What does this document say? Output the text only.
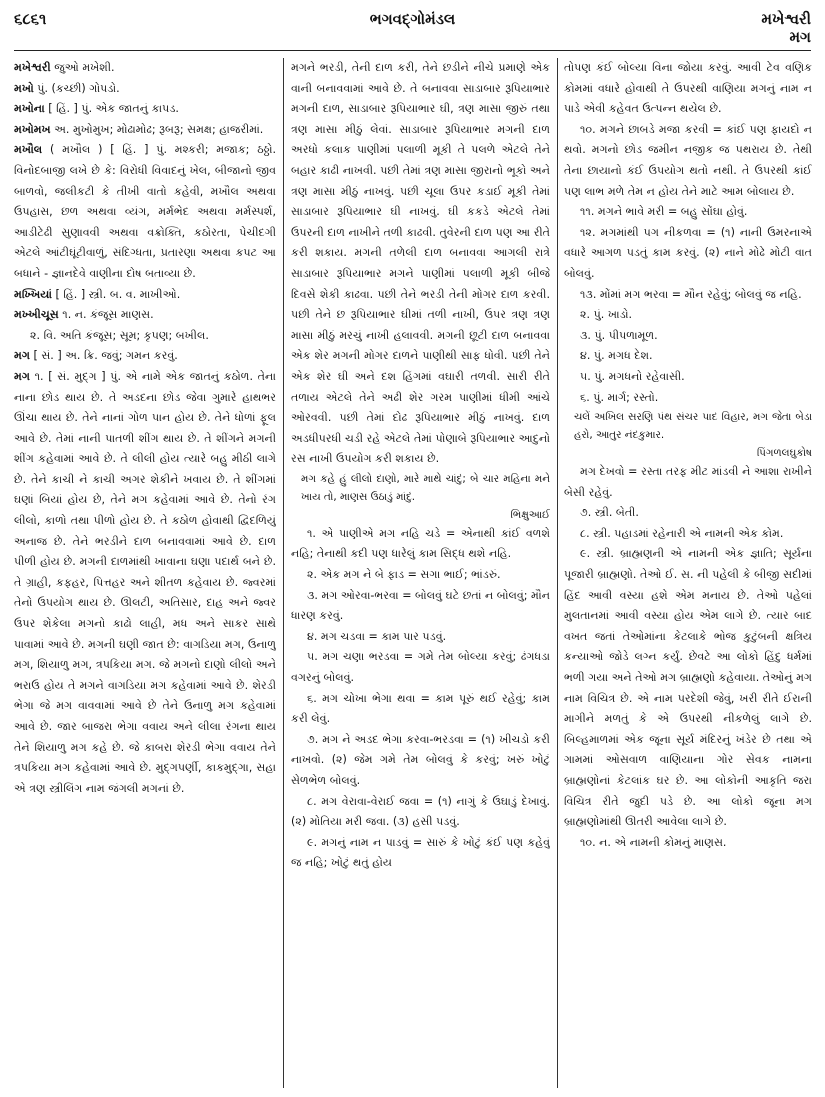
૬૮૬૧	ભગવદ્ગોમંડલ	મખેશ્વરી
મગ

મખેશ્વરી જુઓ મખેશી.

મખો પું. (કચ્છી) ગોપડો.

મખોના [ હિં. ] પું. એક જાતનું કાપડ.

મખોમખ અ. મુખોમુખ; મોઢામોઢ; રૂબરૂ; સમક્ષ; હાજરીમાં.

મખૌલ ( મખૌલ ) [ હિં. ] પું. મશ્કરી; મજાક; ઠઠ્ઠો. વિનોદબાજી લખે છે કે: વિરોધી વિવાદનું ખેલ, બીજાનો જીવ બાળવો, જલીકટી કે તીખી વાતો કહેવી, મખૌલ અથવા ઉપહાસ, છળ અથવા વ્યંગ, મર્મભેદ અથવા મર્મસ્પર્શ, આડીટેઢી સુણાવવી અથવા વક્રોક્તિ, કઠોરતા, પેચીદગી એટલે આંટીઘૂંટીવાળું, સંદિગ્ધતા, પ્રતારણા અથવા કપટ આ બધાને - જ્ઞાનદેવે વાણીના દોષ બતાવ્યા છે.

મખ્ખિયાં [ હિં. ] સ્ત્રી. બ. વ. માખીઓ.

મખ્ખીચૂસ ૧. ન. કંજૂસ માણસ.

૨. વિ. અતિ કંજૂસ; સૂમ; કૃપણ; બખીલ.

મગ [ સં. ] અ. ક્રિ. જવું; ગમન કરવું.

મગ ૧. [ સં. મુદ્ગ ] પું. એ નામે એક જાતનું કઠોળ. તેના નાના છોડ થાય છે. તે અડદના છોડ જેવા ગુમારે હાથભર ઊંચા થાય છે. તેને નાનાં ગોળ પાન હોય છે. તેને ધોળાં ફૂલ આવે છે. તેમાં નાની પાતળી શીંગ થાય છે. તે શીંગને મગની શીંગ કહેવામાં આવે છે. તે લીલી હોય ત્યારે બહુ મીઠી લાગે છે. તેને કાચી ને કાચી અગર શેકીને ખવાય છે. તે શીંગમાં ઘણાં બિયાં હોય છે, તેને મગ કહેવામાં આવે છે. તેનો રંગ લીલો, કાળો તથા પીળો હોય છે. તે કઠોળ હોવાથી દ્વિદળિયું અનાજ છે. તેને ભરડીને દાળ બનાવવામાં આવે છે. દાળ પીળી હોય છે. મગની દાળમાંથી ખાવાના ઘણા પદાર્થ બને છે. તે ગ્રાહી, કફહર, પિત્તહર અને શીતળ કહેવાય છે. જ્વરમાં તેનો ઉપયોગ થાય છે. ઊલટી, અતિસાર, દાહ અને જ્વર ઉપર શેકેલા મગનો કાઢો લાહી, મધ અને સાકર સાથે પાવામાં આવે છે. મગની ઘણી જાત છે: વાગડિયા મગ, ઉનાળુ મગ, શિયાળુ મગ, ત્રપકિયા મગ. જે મગનો દાણો લીલો અને ભરાઉ હોય તે મગને વાગડિયા મગ કહેવામાં આવે છે. શેરડી ભેગા જે મગ વાવવામાં આવે છે તેને ઉનાળુ મગ કહેવામાં આવે છે. જાર બાજરા ભેગા વવાય અને લીલા રંગના થાય તેને શિયાળુ મગ કહે છે. જે કાબરા શેરડી ભેગા વવાય તેને ત્રપકિયા મગ કહેવામાં આવે છે. મુદ્ગપર્ણી, કાકમુદ્ગા, સહા એ ત્રણ સ્ત્રીલિંગ નામ જંગલી મગનાં છે.

મગને ભરડી, તેની દાળ કરી, તેને છડીને નીચે પ્રમાણે એક વાની બનાવવામાં આવે છે. તે બનાવવા સાડાબાર રૂપિયાભાર મગની દાળ, સાડાબાર રૂપિયાભાર ઘી, ત્રણ માસા જીરું તથા ત્રણ માસા મીઠું લેવાં. સાડાબાર રૂપિયાભાર મગની દાળ અરધો કલાક પાણીમાં પલાળી મૂકી તે પલળે એટલે તેને બહાર કાઢી નાખવી. પછી તેમાં ત્રણ માસા જીરાનો ભૂકો અને ત્રણ માસા મીઠું નાખવું. પછી ચૂલા ઉપર કડાઈ મૂકી તેમાં સાડાબાર રૂપિયાભાર ઘી નાખવું. ઘી કકડે એટલે તેમાં ઉપરની દાળ નાખીને તળી કાઢવી. તુવેરની દાળ પણ આ રીતે કરી શકાય. મગની તળેલી દાળ બનાવવા આગલી રાત્રે સાડાબાર રૂપિયાભાર મગને પાણીમાં પલાળી મૂકી બીજે દિવસે શેકી કાઢવા. પછી તેને ભરડી તેની મોગર દાળ કરવી. પછી તેને છ રૂપિયાભાર ઘીમાં તળી નાખી, ઉપર ત્રણ ત્રણ માસા મીઠું મરચું નાખી હલાવવી. મગની છૂટી દાળ બનાવવા એક શેર મગની મોગર દાળને પાણીથી સાફ ધોવી. પછી તેને એક શેર ઘી અને દશ હિંગમાં વઘારી તળવી. સારી રીતે તળાય એટલે તેને અઢી શેર ગરમ પાણીમાં ધીમી આંચે ઓરવવી. પછી તેમાં દોઢ રૂપિયાભાર મીઠું નાખવું. દાળ અડધીપરધી ચડી રહે એટલે તેમાં પોણાબે રૂપિયાભાર આદુનો રસ નાખી ઉપયોગ કરી શકાય છે.

મગ કહે હું લીલો દાણો, મારે માથે ચાંદું; બે ચાર મહિના મને ખાય તો, માણસ ઉઠાડું માંદું.

ભિક્ષુઆઈ

૧. એ પાણીએ મગ નહિ ચડે = એનાથી કાંઈ વળશે નહિ; તેનાથી કદી પણ ધારેલું કામ સિદ્ધ થશે નહિ.

૨. એક મગ ને બે ફાડ = સગા ભાઈ; ભાંડરું.

૩. મગ ઓરવા-ભરવા = બોલવું ઘટે છતાં ન બોલવું; મૌન ધારણ કરવું.

૪. મગ ચડવા = કામ પાર પડવું.

૫. મગ ચણા ભરડવા = ગમે તેમ બોલ્યા કરવું; ઢંગધડા વગરનું બોલવું.

૬. મગ ચોખા ભેગા થવા = કામ પૂરું થઈ રહેવું; કામ કરી લેવું.

૭. મગ ને અડદ ભેગા કરવા-ભરડવા = (૧) ખીચડો કરી નાખવો. (૨) જેમ ગમે તેમ બોલવું કે કરવું; ખરું ખોટું સેળભેળ બોલવું.

૮. મગ વેરાવા-વેરાઈ જવા = (૧) નાગું કે ઉઘાડું દેખાવું. (૨) મોતિયા મરી જવા. (૩) હસી પડવું.

૯. મગનું નામ ન પાડવું = સારું કે ખોટું કંઈ પણ કહેવું જ નહિ; ખોટું થતું હોય

તોપણ કંઈ બોલ્યા વિના જોયા કરવું. આવી ટેવ વણિક કોમમાં વધારે હોવાથી તે ઉપરથી વાણિયા મગનું નામ ન પાડે એવી કહેવત ઉત્પન્ન થયેલ છે.

૧૦. મગને છાબડે મજા કરવી = કાંઈ પણ ફાયદો ન થવો. મગનો છોડ જમીન નજીક જ પથરાય છે. તેથી તેના છાયાનો કંઈ ઉપયોગ થતો નથી. તે ઉપરથી કાંઈ પણ લાભ મળે તેમ ન હોય તેને માટે આમ બોલાય છે.

૧૧. મગને ભાવે મરી = બહુ સોંઘા હોવું.

૧૨. મગમાંથી પગ નીકળવા = (૧) નાની ઉમરનાએ વધારે આગળ પડતું કામ કરવું. (૨) નાને મોઢે મોટી વાત બોલવું.

૧૩. મોંમાં મગ ભરવા = મૌન રહેવું; બોલવું જ નહિ.

૨. પું. ખાડો.

૩. પું. પીપળામૂળ.

૪. પું. મગધ દેશ.

૫. પું. મગધનો રહેવાસી.

૬. પું. માર્ગ; રસ્તો.

ચલેં અખિલ સરણિ પંથ સંચર પાદ વિહાર, મગ જેતા બેડા હરો, આતુર નંદકુમાર.

પિંગળલઘુકોષ

મગ દેખવો = રસ્તા તરફ મીટ માંડવી ને આશા રાખીને બેસી રહેવું.

૭. સ્ત્રી. બેતી.

૮. સ્ત્રી. પહાડમાં રહેનારી એ નામની એક કોમ.

૯. સ્ત્રી. બ્રાહ્મણની એ નામની એક જ્ઞાતિ; સૂર્યના પૂજારી બ્રાહ્મણો. તેઓ ઈ. સ. ની પહેલી કે બીજી સદીમાં હિંદ આવી વસ્યા હશે એમ મનાય છે. તેઓ પહેલાં મુલતાનમાં આવી વસ્યા હોય એમ લાગે છે. ત્યાર બાદ વખત જતાં તેઓમાંના કેટલાકે ભોજ કુટુંબની ક્ષત્રિય કન્યાઓ જોડે લગ્ન કર્યું. છેવટે આ લોકો હિંદુ ધર્મમાં ભળી ગયા અને તેઓ મગ બ્રાહ્મણો કહેવાયા. તેઓનું મગ નામ વિચિત્ર છે. એ નામ પરદેશી જેવું, ખરી રીતે ઈરાની માગીને મળતું કે એ ઉપરથી નીકળેલું લાગે છે. બિલ્હમાળમાં એક જૂના સૂર્ય મંદિરનું ખંડેર છે તથા એ ગામમાં ઓસવાળ વાણિયાના ગોર સેવક નામના બ્રાહ્મણોનાં કેટલાંક ઘર છે. આ લોકોની આકૃતિ જરા વિચિત્ર રીતે જુદી પડે છે. આ લોકો જૂના મગ બ્રાહ્મણોમાંથી ઊતરી આવેલા લાગે છે.

૧૦. ન. એ નામની કોમનું માણસ.
